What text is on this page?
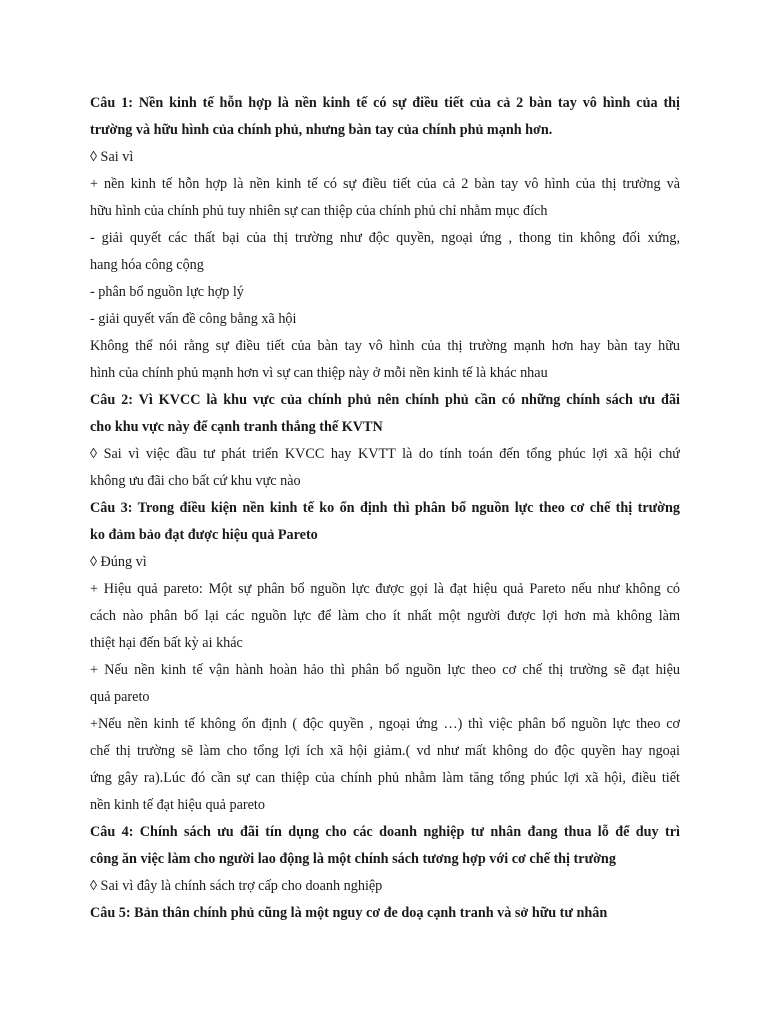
Câu 1: Nền kinh tế hỗn hợp là nền kinh tế có sự điều tiết của cả 2 bàn tay vô hình của thị
trường và hữu hình của chính phủ, nhưng bàn tay của chính phủ mạnh hơn.
◊ Sai vì
+ nền kinh tế hỗn hợp là nền kinh tế có sự điều tiết của cả 2 bàn tay vô hình của thị trường và
hữu hình của chính phủ tuy nhiên sự can thiệp của chính phủ chỉ nhằm mục đích
- giải quyết các thất bại của thị trường như độc quyền, ngoại ứng , thong tin không đối xứng,
hang hóa công cộng
- phân bổ nguồn lực hợp lý
- giải quyết vấn đề công bằng xã hội
Không thể nói rằng sự điều tiết của bàn tay vô hình của thị trường mạnh hơn hay bàn tay hữu
hình của chính phủ mạnh hơn vì sự can thiệp này ở mỗi nền kinh tế là khác nhau
Câu 2: Vì KVCC là khu vực của chính phủ nên chính phủ cần có những chính sách ưu đãi
cho khu vực này để cạnh tranh thắng thế KVTN
◊ Sai vì việc đầu tư phát triển KVCC hay KVTT là do tính toán đến tổng phúc lợi xã hội chứ
không ưu đãi cho bất cứ khu vực nào
Câu 3: Trong điều kiện nền kinh tế ko ổn định thì phân bổ nguồn lực theo cơ chế thị trường
ko đảm bảo đạt được hiệu quả Pareto
◊ Đúng vì
+ Hiệu quả pareto: Một sự phân bổ nguồn lực được gọi là đạt hiệu quả Pareto nếu như không có
cách nào phân bổ lại các nguồn lực để làm cho ít nhất một người được lợi hơn mà không làm
thiệt hại đến bất kỳ ai khác
+ Nếu nền kinh tế vận hành hoàn hảo thì phân bổ nguồn lực theo cơ chế thị trường sẽ đạt hiệu
quả pareto
+Nếu nền kinh tế không ổn định ( độc quyền , ngoại ứng …) thì việc phân bổ nguồn lực theo cơ
chế thị trường sẽ làm cho tổng lợi ích xã hội giảm.( vd như mất không do độc quyền hay ngoại
ứng gây ra).Lúc đó cần sự can thiệp của chính phủ nhằm làm tăng tổng phúc lợi xã hội, điều tiết
nền kinh tế đạt hiệu quả pareto
Câu 4: Chính sách ưu đãi tín dụng cho các doanh nghiệp tư nhân đang thua lỗ để duy trì
công ăn việc làm cho người lao động là một chính sách tương hợp với cơ chế thị trường
◊ Sai vì đây là chính sách trợ cấp cho doanh nghiệp
Câu 5: Bản thân chính phủ cũng là một nguy cơ đe doạ cạnh tranh và sở hữu tư nhân
